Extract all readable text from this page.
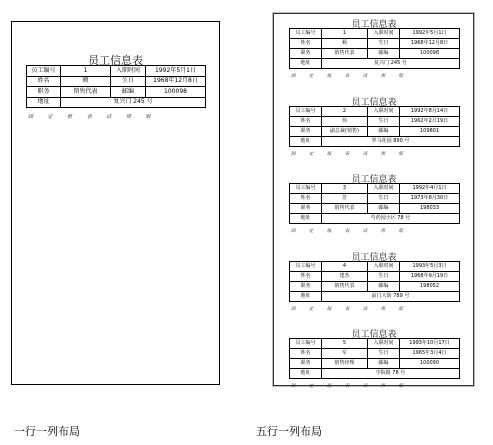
员工信息表
员工编号	1	入职时间	1992年5月1日
姓名	顿	生日	1968年12月8日
职务	销售代表	邮编	100098
地址	复兴门 245 号		
固 定 报 表 试 用 版
员工信息表
员工编号	1	入职时间	1992年5月1日
姓名	顿	生日	1968年12月8日
职务	销售代表	邮编	100098
地址	复兴门 245 号		
固 定 报 表 试 用 版
员工信息表
员工编号	2	入职时间	1992年8月14日
姓名	伟	生日	1962年2月19日
职务	副总裁(销售)	邮编	109801
地址	罗马花园 890 号		
固 定 报 表 试 用 版
员工信息表
员工编号	3	入职时间	1992年4月1日
姓名	芳	生日	1973年8月30日
职务	销售代表	邮编	198033
地址	芍药园小区 78 号		
固 定 报 表 试 用 版
员工信息表
员工编号	4	入职时间	1993年5月3日
姓名	建杰	生日	1968年9月19日
职务	销售代表	邮编	198052
地址	前门大街 789 号		
固 定 报 表 试 用 版
员工信息表
员工编号	5	入职时间	1993年10月17日
姓名	军	生日	1965年3月4日
职务	销售经理	邮编	100090
地址	学院路 78 号		
固 定 报 表 试 用 版
一行一列布局	五行一列布局
